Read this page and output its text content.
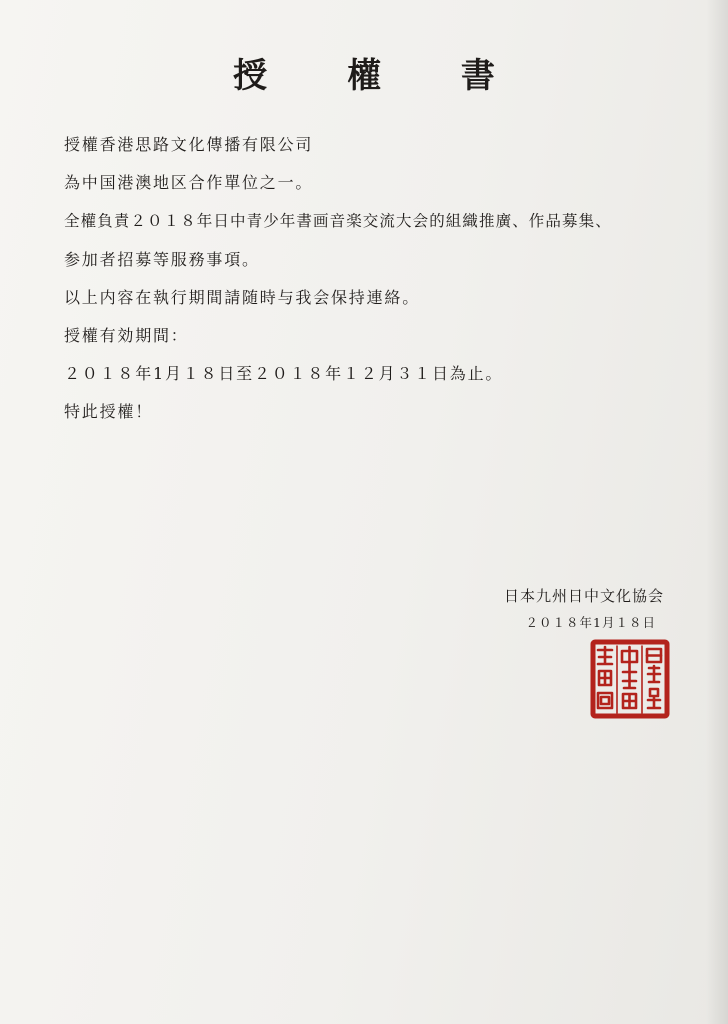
授 權 書
授權香港思路文化傳播有限公司
為中国港澳地区合作單位之一。
全權負責２０１８年日中青少年書画音楽交流大会的組織推廣、作品募集、
参加者招募等服務事項。
以上内容在執行期間請随時与我会保持連絡。
授權有効期間：
２０１８年1月１８日至２０１８年１２月３１日為止。
特此授權！
日本九州日中文化協会
２０１８年1月１８日
